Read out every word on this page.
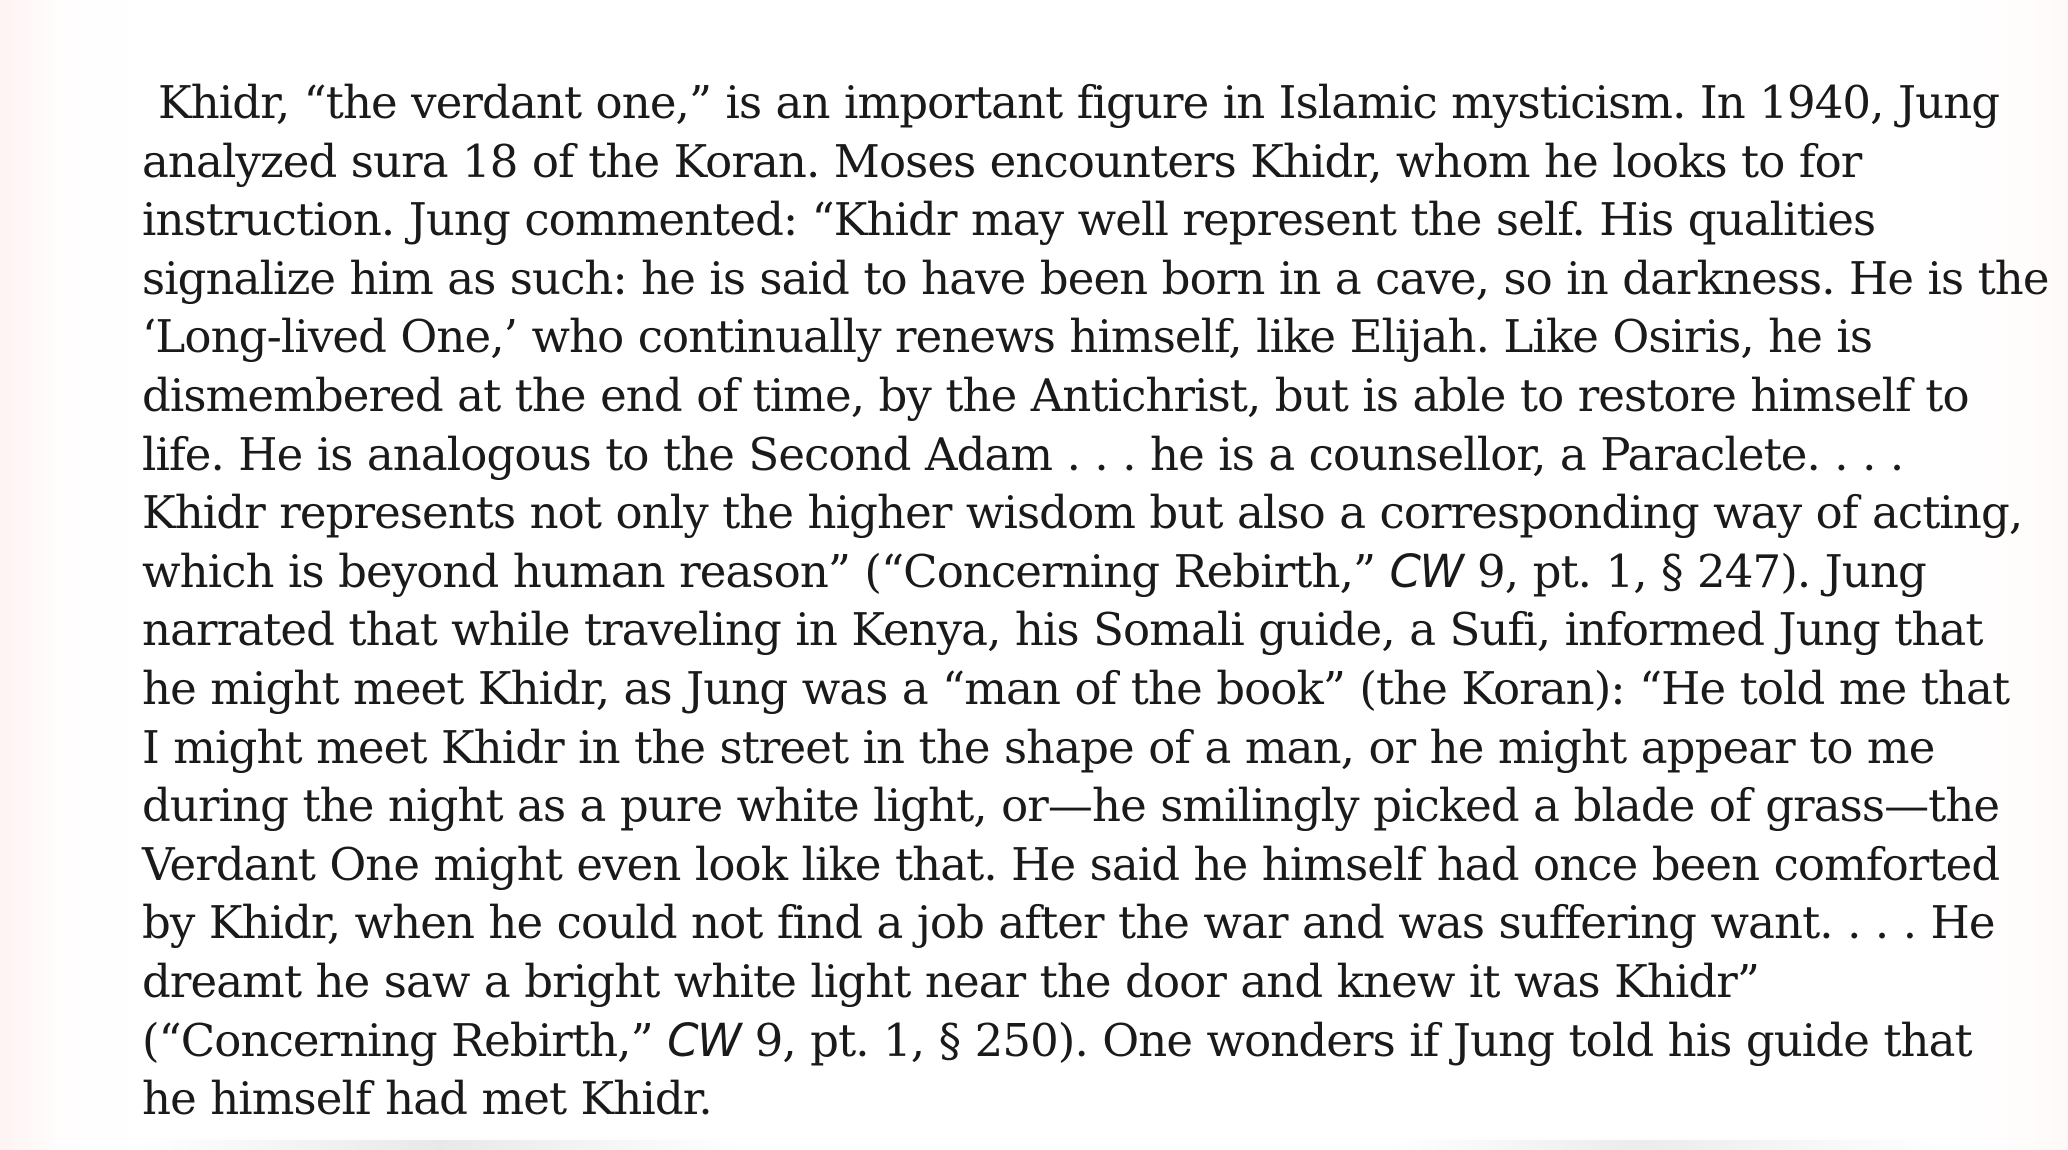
Khidr, “the verdant one,” is an important figure in Islamic mysticism. In 1940, Jung
analyzed sura 18 of the Koran. Moses encounters Khidr, whom he looks to for
instruction. Jung commented: “Khidr may well represent the self. His qualities
signalize him as such: he is said to have been born in a cave, so in darkness. He is the
‘Long-lived One,’ who continually renews himself, like Elijah. Like Osiris, he is
dismembered at the end of time, by the Antichrist, but is able to restore himself to
life. He is analogous to the Second Adam . . . he is a counsellor, a Paraclete. . . .
Khidr represents not only the higher wisdom but also a corresponding way of acting,
which is beyond human reason” (“Concerning Rebirth,” CW 9, pt. 1, § 247). Jung
narrated that while traveling in Kenya, his Somali guide, a Sufi, informed Jung that
he might meet Khidr, as Jung was a “man of the book” (the Koran): “He told me that
I might meet Khidr in the street in the shape of a man, or he might appear to me
during the night as a pure white light, or—he smilingly picked a blade of grass—the
Verdant One might even look like that. He said he himself had once been comforted
by Khidr, when he could not find a job after the war and was suffering want. . . . He
dreamt he saw a bright white light near the door and knew it was Khidr”
(“Concerning Rebirth,” CW 9, pt. 1, § 250). One wonders if Jung told his guide that
he himself had met Khidr.
